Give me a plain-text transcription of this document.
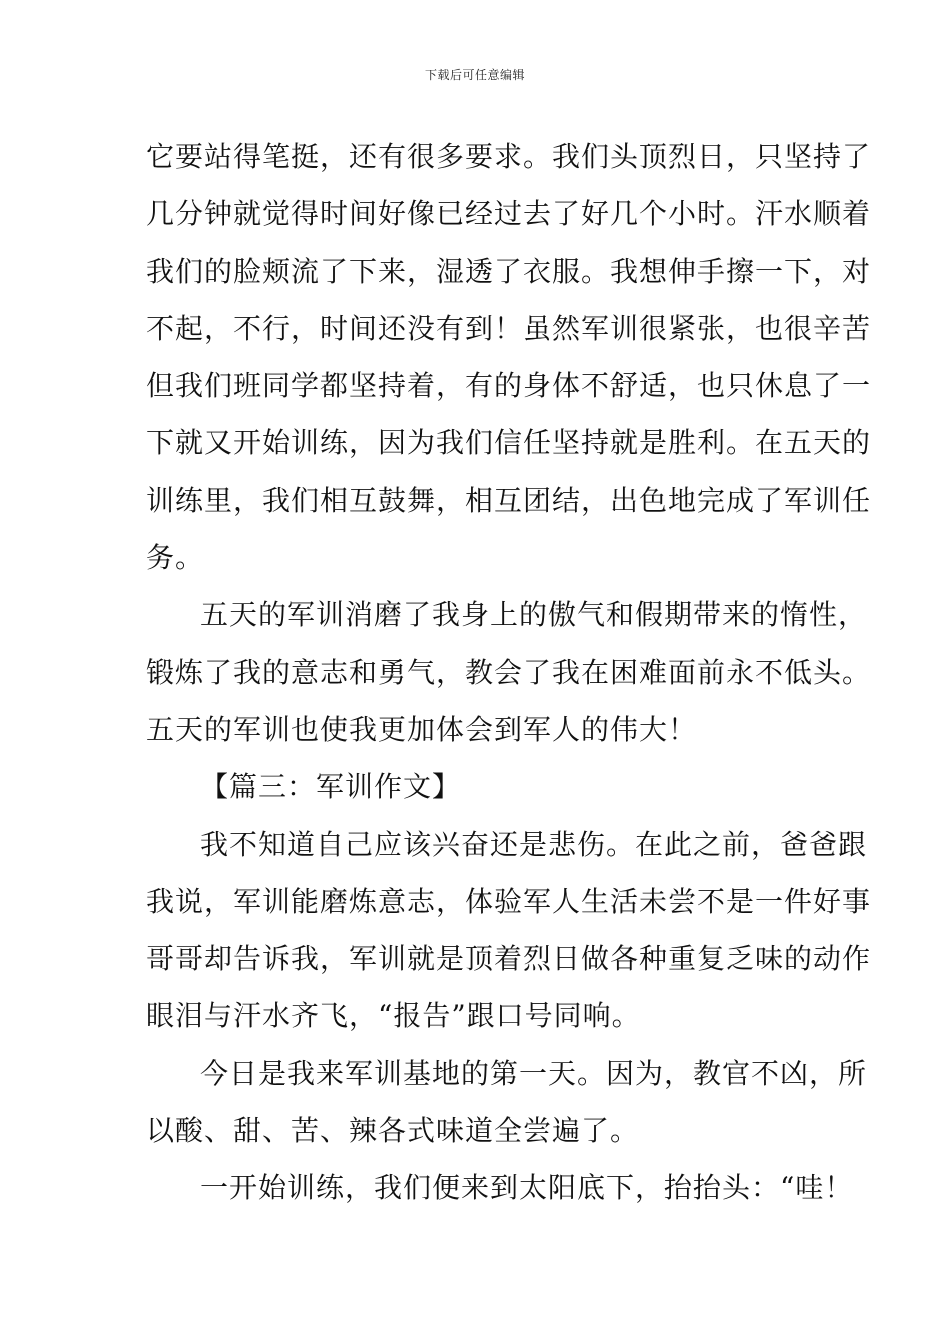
下载后可任意编辑
它要站得笔挺，还有很多要求。我们头顶烈日，只坚持了
几分钟就觉得时间好像已经过去了好几个小时。汗水顺着
我们的脸颊流了下来，湿透了衣服。我想伸手擦一下，对
不起，不行，时间还没有到！虽然军训很紧张，也很辛苦
但我们班同学都坚持着，有的身体不舒适，也只休息了一
下就又开始训练，因为我们信任坚持就是胜利。在五天的
训练里，我们相互鼓舞，相互团结，出色地完成了军训任
务。
五天的军训消磨了我身上的傲气和假期带来的惰性，
锻炼了我的意志和勇气，教会了我在困难面前永不低头。
五天的军训也使我更加体会到军人的伟大！
【篇三：军训作文】
我不知道自己应该兴奋还是悲伤。在此之前，爸爸跟
我说，军训能磨炼意志，体验军人生活未尝不是一件好事
哥哥却告诉我，军训就是顶着烈日做各种重复乏味的动作
眼泪与汗水齐飞，“报告”跟口号同响。
今日是我来军训基地的第一天。因为，教官不凶，所
以酸、甜、苦、辣各式味道全尝遍了。
一开始训练，我们便来到太阳底下，抬抬头：“哇！
